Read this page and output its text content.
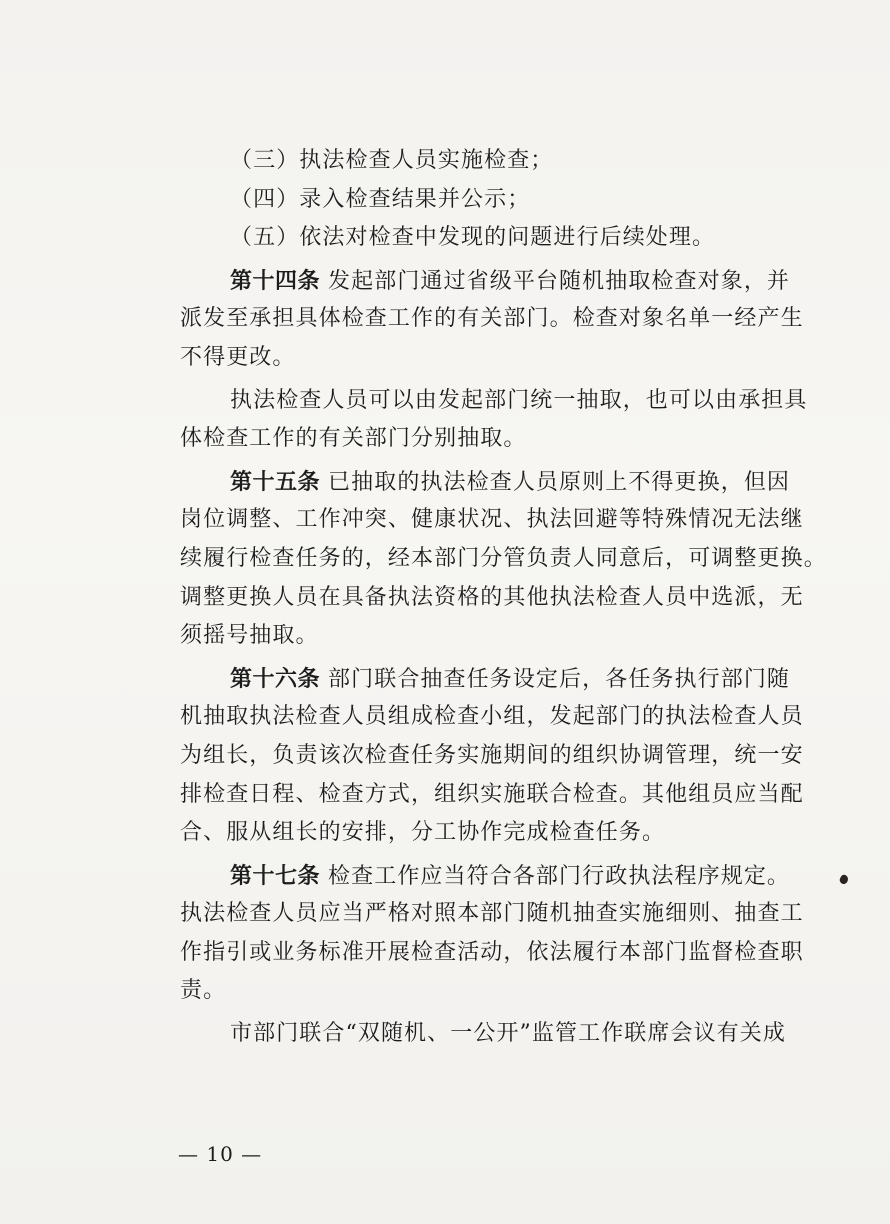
（三）执法检查人员实施检查；
（四）录入检查结果并公示；
（五）依法对检查中发现的问题进行后续处理。
第十四条 发起部门通过省级平台随机抽取检查对象，并
派发至承担具体检查工作的有关部门。检查对象名单一经产生
不得更改。
执法检查人员可以由发起部门统一抽取，也可以由承担具
体检查工作的有关部门分别抽取。
第十五条 已抽取的执法检查人员原则上不得更换，但因
岗位调整、工作冲突、健康状况、执法回避等特殊情况无法继
续履行检查任务的，经本部门分管负责人同意后，可调整更换。
调整更换人员在具备执法资格的其他执法检查人员中选派，无
须摇号抽取。
第十六条 部门联合抽查任务设定后，各任务执行部门随
机抽取执法检查人员组成检查小组，发起部门的执法检查人员
为组长，负责该次检查任务实施期间的组织协调管理，统一安
排检查日程、检查方式，组织实施联合检查。其他组员应当配
合、服从组长的安排，分工协作完成检查任务。
第十七条 检查工作应当符合各部门行政执法程序规定。
执法检查人员应当严格对照本部门随机抽查实施细则、抽查工
作指引或业务标准开展检查活动，依法履行本部门监督检查职
责。
市部门联合“双随机、一公开”监管工作联席会议有关成
— 10 —
